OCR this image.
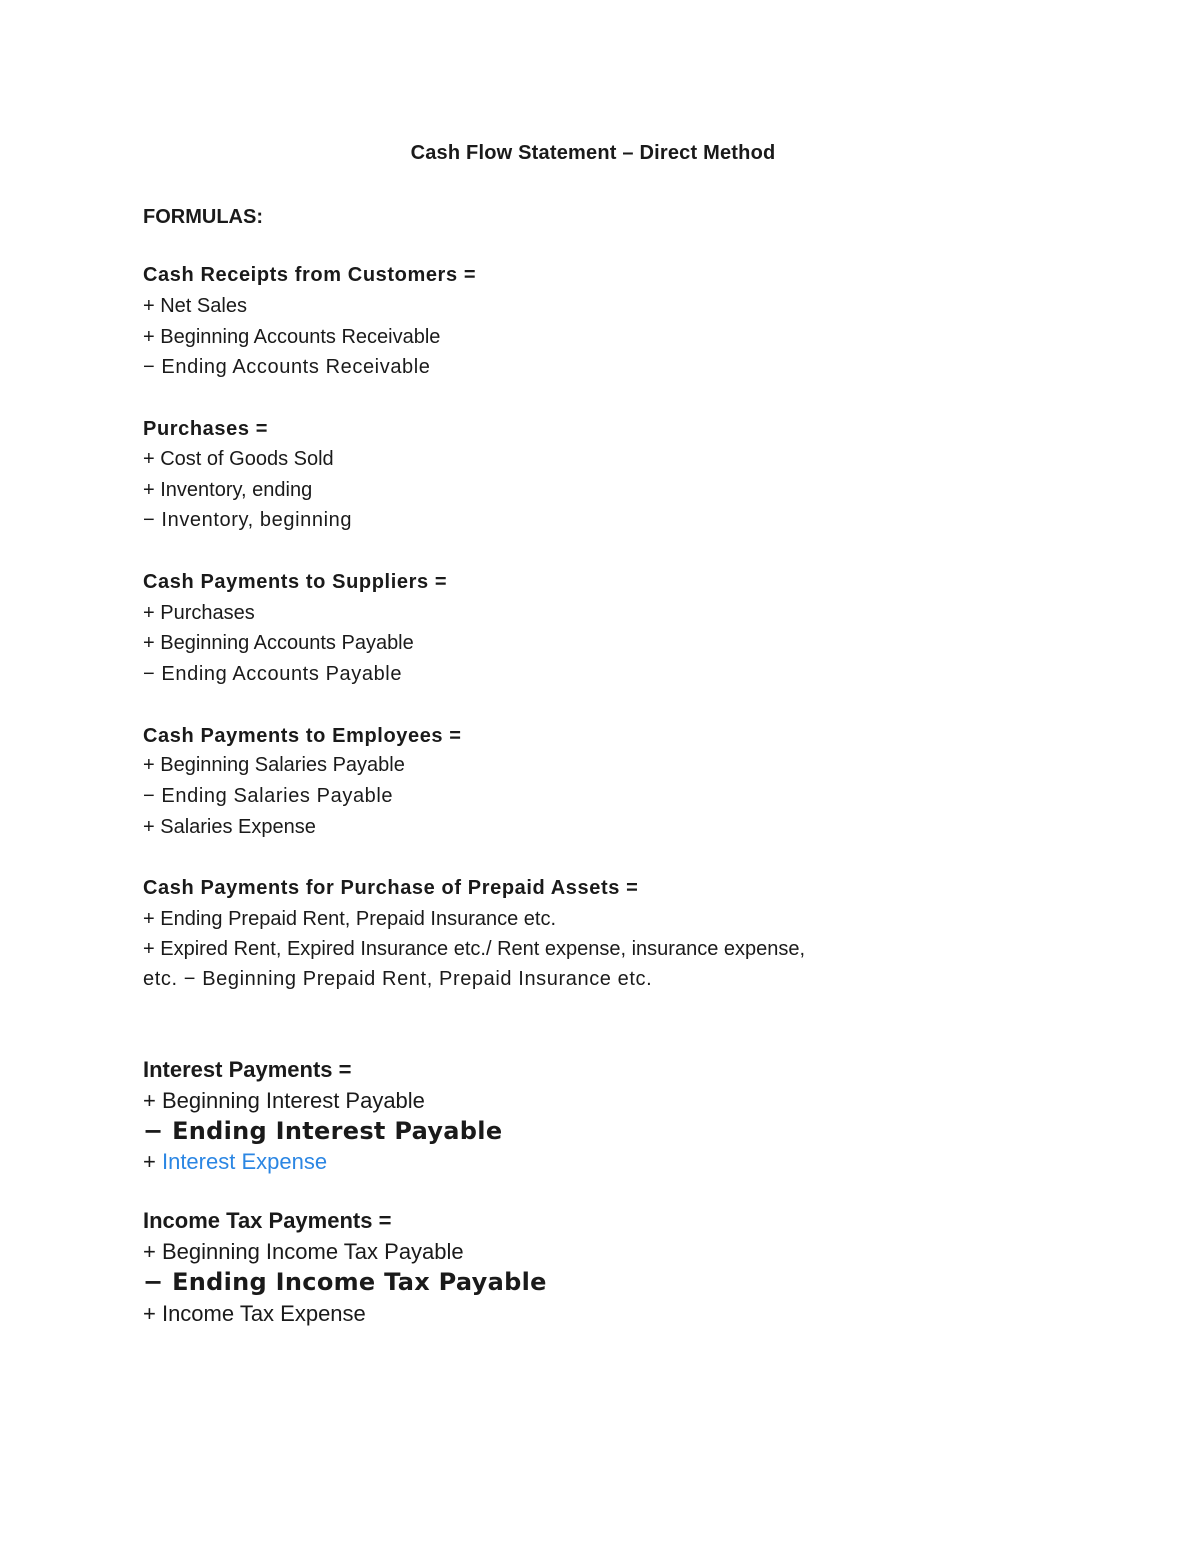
Cash Flow Statement – Direct Method
FORMULAS:
Cash Receipts from Customers =
+ Net Sales
+ Beginning Accounts Receivable
− Ending Accounts Receivable
Purchases =
+ Cost of Goods Sold
+ Inventory, ending
− Inventory, beginning
Cash Payments to Suppliers =
+ Purchases
+ Beginning Accounts Payable
− Ending Accounts Payable
Cash Payments to Employees =
+ Beginning Salaries Payable
− Ending Salaries Payable
+ Salaries Expense
Cash Payments for Purchase of Prepaid Assets =
+ Ending Prepaid Rent, Prepaid Insurance etc.
+ Expired Rent, Expired Insurance etc./ Rent expense, insurance expense,
etc. − Beginning Prepaid Rent, Prepaid Insurance etc.
Interest Payments =
+ Beginning Interest Payable
− Ending Interest Payable
+ Interest Expense
Income Tax Payments =
+ Beginning Income Tax Payable
− Ending Income Tax Payable
+ Income Tax Expense
